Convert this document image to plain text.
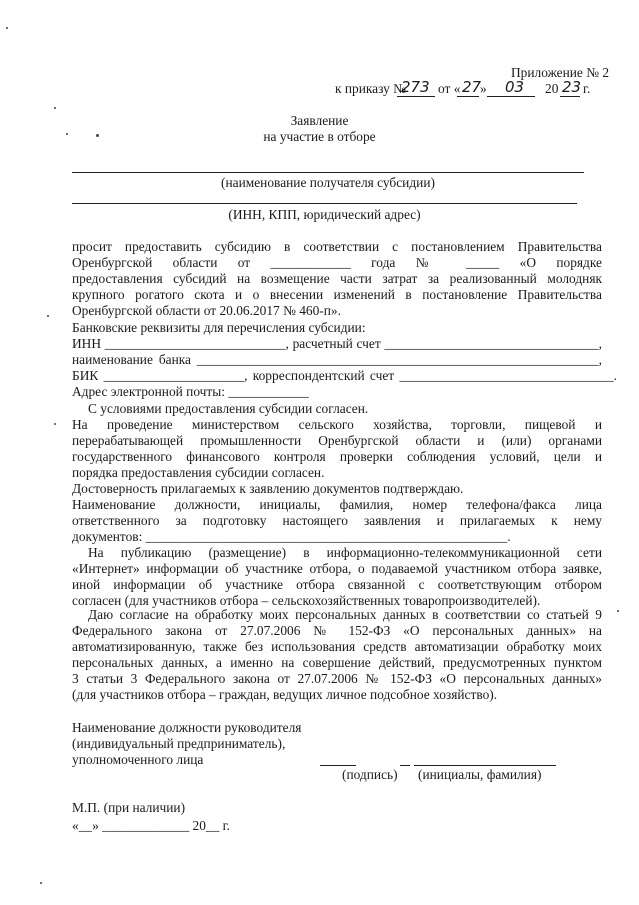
Приложение № 2
к приказу №
273 от « 27
» 03 20 23 г.
Заявление
на участие в отборе
(наименование получателя субсидии)
(ИНН, КПП, юридический адрес)
просит предоставить субсидию в соответствии с постановлением Правительства
Оренбургской области от ____________ года № _____ «О порядке
предоставления субсидий на возмещение части затрат за реализованный молодняк
крупного рогатого скота и о внесении изменений в постановление Правительства
Оренбургской области от 20.06.2017 № 460-п».
Банковские реквизиты для перечисления субсидии:
ИНН ___________________________, расчетный счет ________________________________,
наименование банка ____________________________________________________________,
БИК _____________________, корреспондентский счет ________________________________.
Адрес электронной почты: ____________
С условиями предоставления субсидии согласен.
На проведение министерством сельского хозяйства, торговли, пищевой и
перерабатывающей промышленности Оренбургской области и (или) органами
государственного финансового контроля проверки соблюдения условий, цели и
порядка предоставления субсидии согласен.
Достоверность прилагаемых к заявлению документов подтверждаю.
Наименование должности, инициалы, фамилия, номер телефона/факса лица
ответственного за подготовку настоящего заявления и прилагаемых к нему
документов: ______________________________________________________.
На публикацию (размещение) в информационно-телекоммуникационной сети
«Интернет» информации об участнике отбора, о подаваемой участником отбора заявке,
иной информации об участнике отбора связанной с соответствующим отбором
согласен (для участников отбора – сельскохозяйственных товаропроизводителей).
Даю согласие на обработку моих персональных данных в соответствии со статьей 9
Федерального закона от 27.07.2006 № 152-ФЗ «О персональных данных» на
автоматизированную, также без использования средств автоматизации обработку моих
персональных данных, а именно на совершение действий, предусмотренных пунктом
3 статьи 3 Федерального закона от 27.07.2006 № 152-ФЗ «О персональных данных»
(для участников отбора – граждан, ведущих личное подсобное хозяйство).
Наименование должности руководителя
(индивидуальный предприниматель),
уполномоченного лица
(подпись) (инициалы, фамилия)
М.П. (при наличии)
«__» _____________ 20__ г.
